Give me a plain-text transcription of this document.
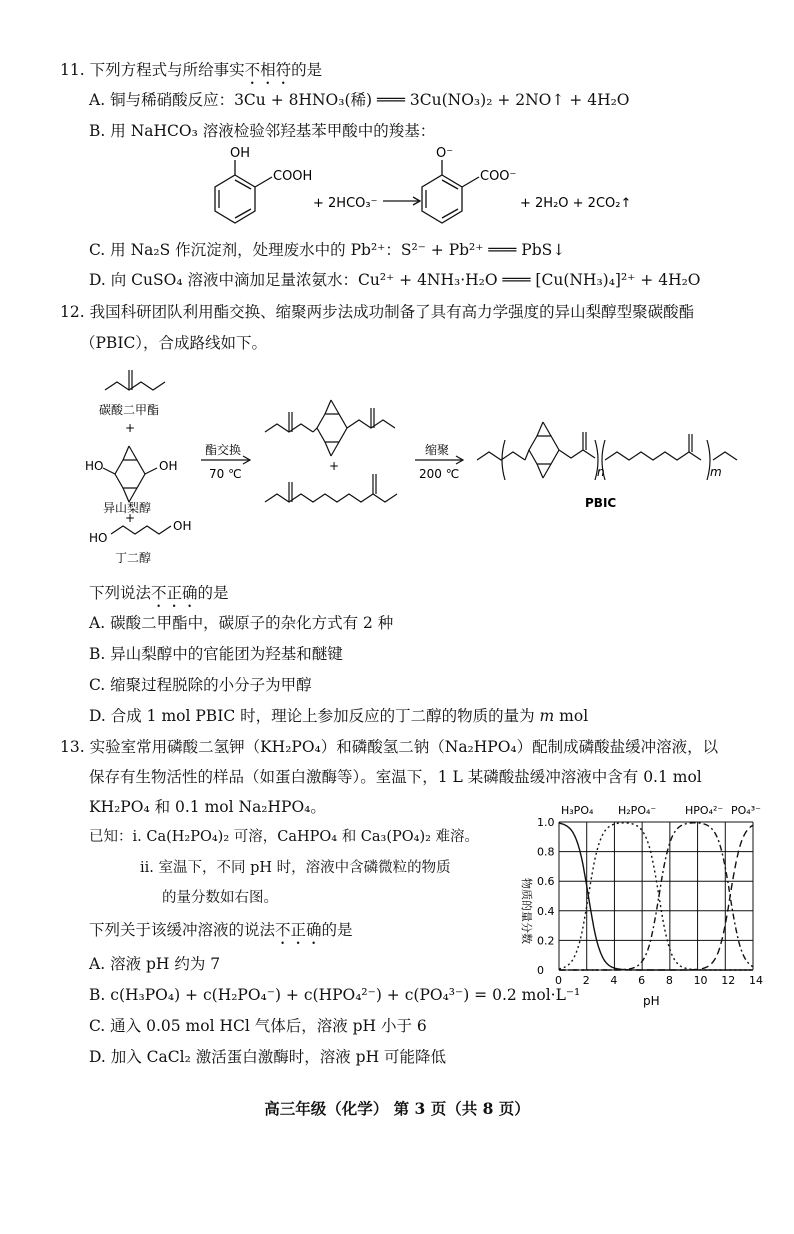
11. 下列方程式与所给事实不相符的是
A. 铜与稀硝酸反应：3Cu + 8HNO₃(稀) ═══ 3Cu(NO₃)₂ + 2NO↑ + 4H₂O
B. 用 NaHCO₃ 溶液检验邻羟基苯甲酸中的羧基：
OH
COOH
+ 2HCO₃⁻
O⁻
COO⁻
+ 2H₂O + 2CO₂↑
C. 用 Na₂S 作沉淀剂，处理废水中的 Pb²⁺：S²⁻ + Pb²⁺ ═══ PbS↓
D. 向 CuSO₄ 溶液中滴加足量浓氨水：Cu²⁺ + 4NH₃·H₂O ═══ [Cu(NH₃)₄]²⁺ + 4H₂O
12. 我国科研团队利用酯交换、缩聚两步法成功制备了具有高力学强度的异山梨醇型聚碳酸酯
（PBIC），合成路线如下。
碳酸二甲酯
+
HO	OH
异山梨醇
+
HO
OH
丁二醇
酯交换
70 ℃
+
缩聚
200 ℃	n	m
PBIC
下列说法不正确的是
A. 碳酸二甲酯中，碳原子的杂化方式有 2 种
B. 异山梨醇中的官能团为羟基和醚键
C. 缩聚过程脱除的小分子为甲醇
D. 合成 1 mol PBIC 时，理论上参加反应的丁二醇的物质的量为 m mol
13. 实验室常用磷酸二氢钾（KH₂PO₄）和磷酸氢二钠（Na₂HPO₄）配制成磷酸盐缓冲溶液，以
保存有生物活性的样品（如蛋白激酶等）。室温下，1 L 某磷酸盐缓冲溶液中含有 0.1 mol
KH₂PO₄ 和 0.1 mol Na₂HPO₄。
已知：i. Ca(H₂PO₄)₂ 可溶，CaHPO₄ 和 Ca₃(PO₄)₂ 难溶。
ii. 室温下，不同 pH 时，溶液中含磷微粒的物质
的量分数如右图。
下列关于该缓冲溶液的说法不正确的是
A. 溶液 pH 约为 7
B. c(H₃PO₄) + c(H₂PO₄⁻) + c(HPO₄²⁻) + c(PO₄³⁻) = 0.2 mol·L⁻¹
C. 通入 0.05 mol HCl 气体后，溶液 pH 小于 6
D. 加入 CaCl₂ 激活蛋白激酶时，溶液 pH 可能降低
0 2 4 6 8 10 12 14
0
0.2
0.4
0.6
0.8
1.0
H₃PO₄ H₂PO₄⁻	HPO₄²⁻ PO₄³⁻
pH
物质的量分数
高三年级（化学） 第 3 页（共 8 页）
